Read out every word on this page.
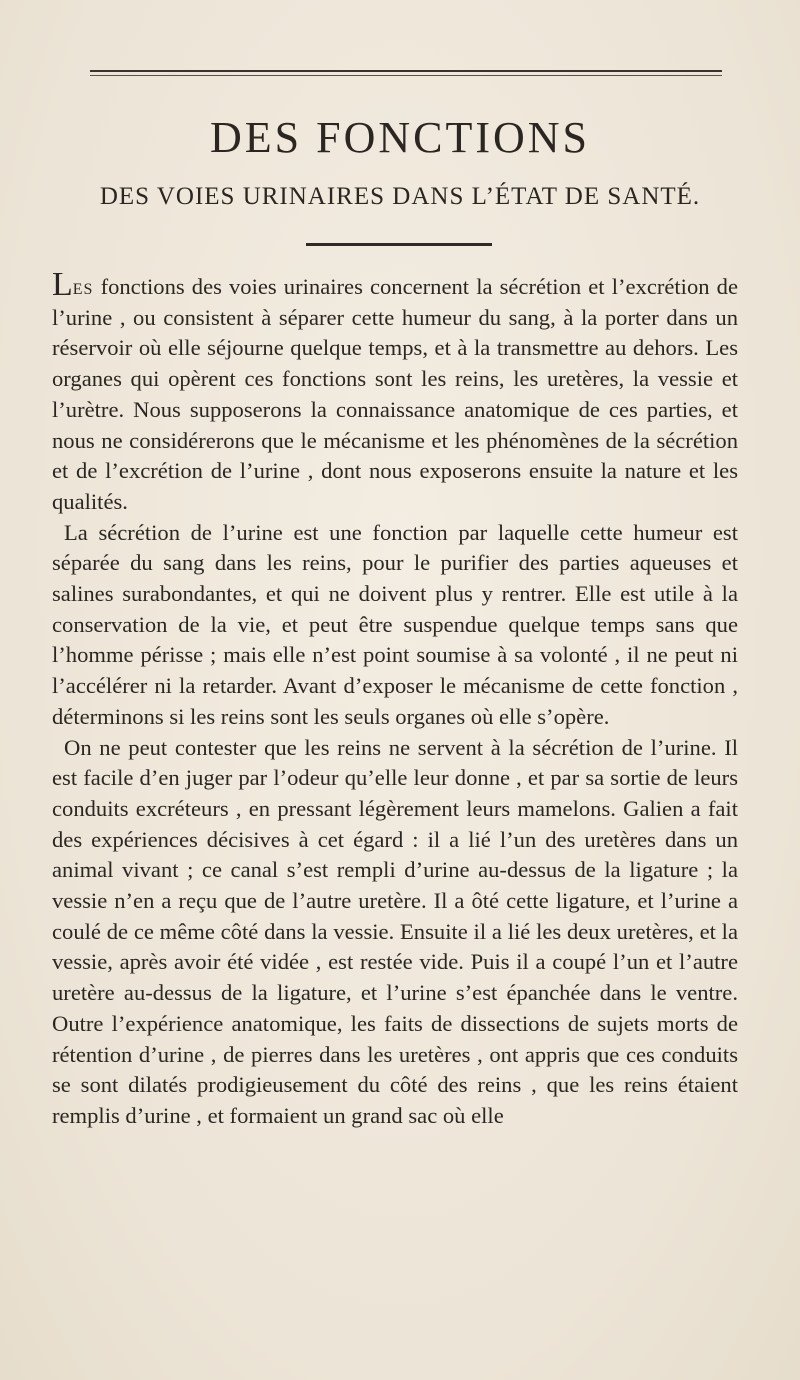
DES FONCTIONS
DES VOIES URINAIRES DANS L’ÉTAT DE SANTÉ.

Les fonctions des voies urinaires concernent la sécrétion et l’excrétion de l’urine , ou consistent à séparer cette humeur du sang, à la porter dans un réservoir où elle séjourne quelque temps, et à la transmettre au dehors. Les organes qui opèrent ces fonctions sont les reins, les uretères, la vessie et l’urètre. Nous supposerons la connaissance anatomique de ces parties, et nous ne considérerons que le mécanisme et les phénomènes de la sécrétion et de l’excrétion de l’urine , dont nous exposerons ensuite la nature et les qualités.

La sécrétion de l’urine est une fonction par laquelle cette humeur est séparée du sang dans les reins, pour le purifier des parties aqueuses et salines surabondantes, et qui ne doivent plus y rentrer. Elle est utile à la conservation de la vie, et peut être suspendue quelque temps sans que l’homme périsse ; mais elle n’est point soumise à sa volonté , il ne peut ni l’accélérer ni la retarder. Avant d’exposer le mécanisme de cette fonction , déterminons si les reins sont les seuls organes où elle s’opère.

On ne peut contester que les reins ne servent à la sécrétion de l’urine. Il est facile d’en juger par l’odeur qu’elle leur donne , et par sa sortie de leurs conduits excréteurs , en pressant légèrement leurs mamelons. Galien a fait des expériences décisives à cet égard : il a lié l’un des uretères dans un animal vivant ; ce canal s’est rempli d’urine au-dessus de la ligature ; la vessie n’en a reçu que de l’autre uretère. Il a ôté cette ligature, et l’urine a coulé de ce même côté dans la vessie. Ensuite il a lié les deux uretères, et la vessie, après avoir été vidée , est restée vide. Puis il a coupé l’un et l’autre uretère au-dessus de la ligature, et l’urine s’est épanchée dans le ventre. Outre l’expérience anatomique, les faits de dissections de sujets morts de rétention d’urine , de pierres dans les uretères , ont appris que ces conduits se sont dilatés prodigieusement du côté des reins , que les reins étaient remplis d’urine , et formaient un grand sac où elle
